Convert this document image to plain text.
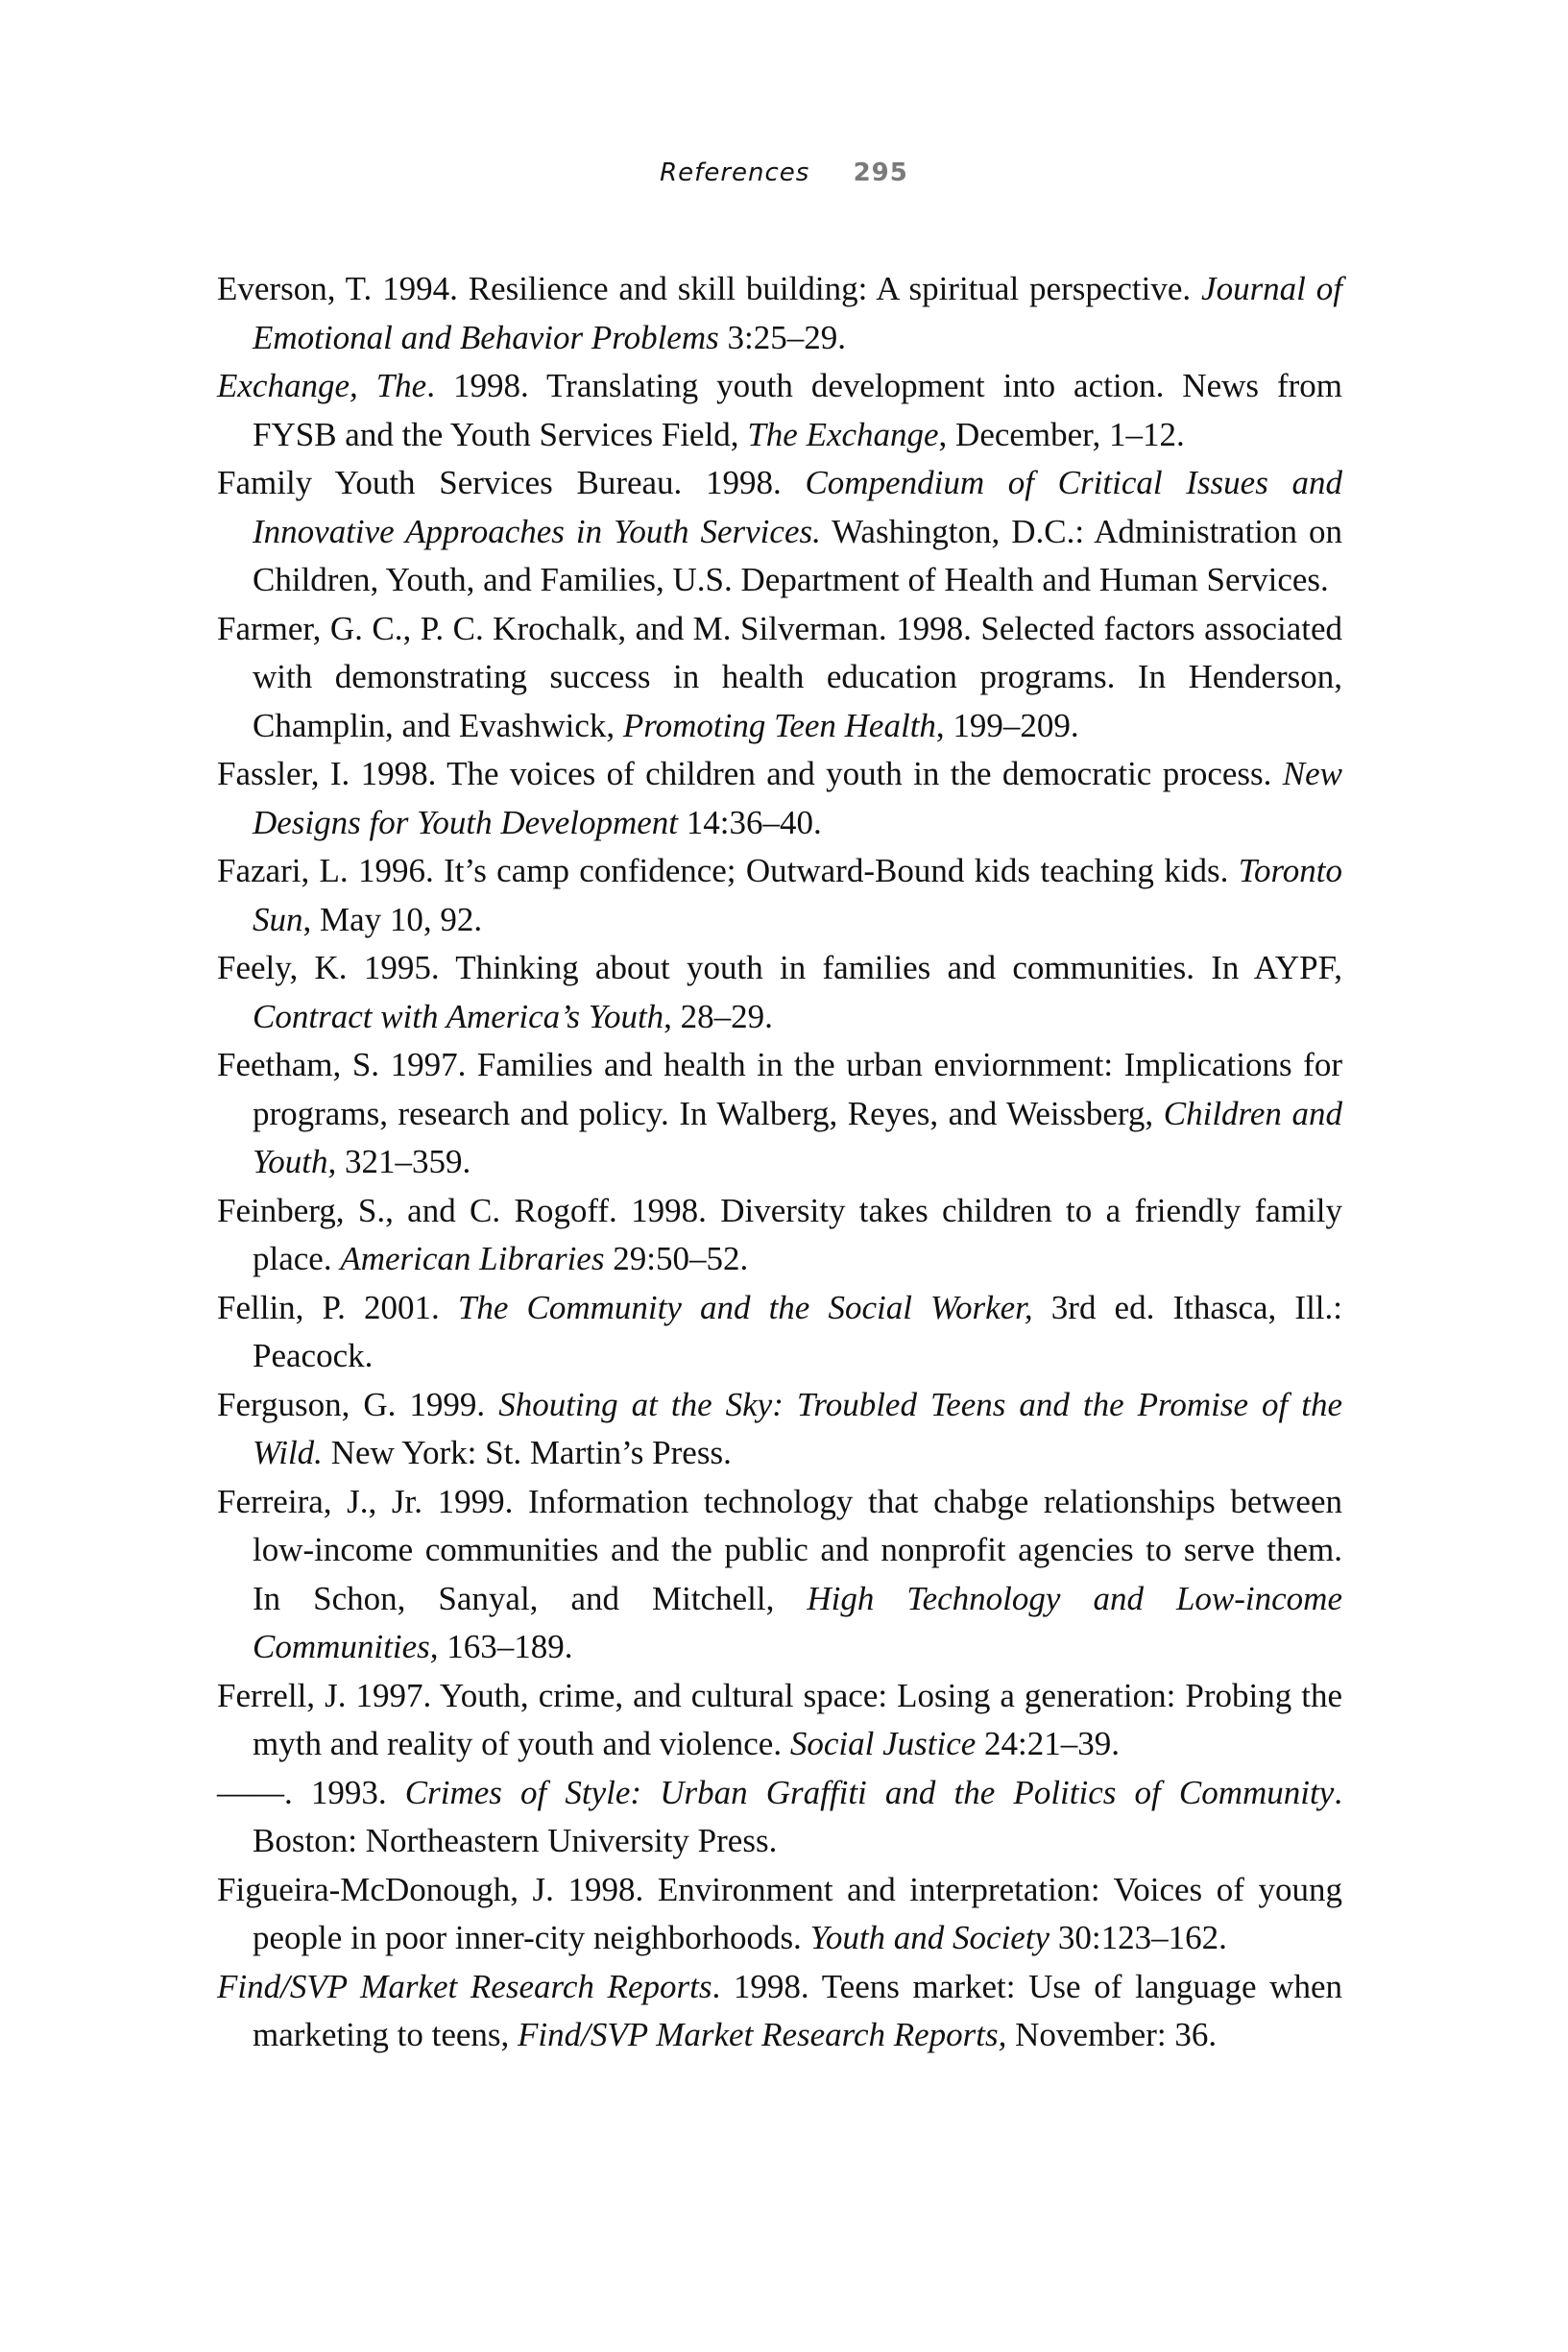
References 295

Everson, T. 1994. Resilience and skill building: A spiritual perspective. Journal of Emotional and Behavior Problems 3:25–29.

Exchange, The. 1998. Translating youth development into action. News from FYSB and the Youth Services Field, The Exchange, December, 1–12.

Family Youth Services Bureau. 1998. Compendium of Critical Issues and Innovative Approaches in Youth Services. Washington, D.C.: Administration on Children, Youth, and Families, U.S. Department of Health and Human Services.

Farmer, G. C., P. C. Krochalk, and M. Silverman. 1998. Selected factors associated with demonstrating success in health education programs. In Henderson, Champlin, and Evashwick, Promoting Teen Health, 199–209.

Fassler, I. 1998. The voices of children and youth in the democratic process. New Designs for Youth Development 14:36–40.

Fazari, L. 1996. It’s camp confidence; Outward-Bound kids teaching kids. Toronto Sun, May 10, 92.

Feely, K. 1995. Thinking about youth in families and communities. In AYPF, Contract with America’s Youth, 28–29.

Feetham, S. 1997. Families and health in the urban enviornment: Implications for programs, research and policy. In Walberg, Reyes, and Weissberg, Children and Youth, 321–359.

Feinberg, S., and C. Rogoff. 1998. Diversity takes children to a friendly family place. American Libraries 29:50–52.

Fellin, P. 2001. The Community and the Social Worker, 3rd ed. Ithasca, Ill.: Peacock.

Ferguson, G. 1999. Shouting at the Sky: Troubled Teens and the Promise of the Wild. New York: St. Martin’s Press.

Ferreira, J., Jr. 1999. Information technology that chabge relationships between low-income communities and the public and nonprofit agencies to serve them. In Schon, Sanyal, and Mitchell, High Technology and Low-income Communities, 163–189.

Ferrell, J. 1997. Youth, crime, and cultural space: Losing a generation: Probing the myth and reality of youth and violence. Social Justice 24:21–39.

——. 1993. Crimes of Style: Urban Graffiti and the Politics of Community. Boston: Northeastern University Press.

Figueira-McDonough, J. 1998. Environment and interpretation: Voices of young people in poor inner-city neighborhoods. Youth and Society 30:123–162.

Find/SVP Market Research Reports. 1998. Teens market: Use of language when marketing to teens, Find/SVP Market Research Reports, November: 36.
